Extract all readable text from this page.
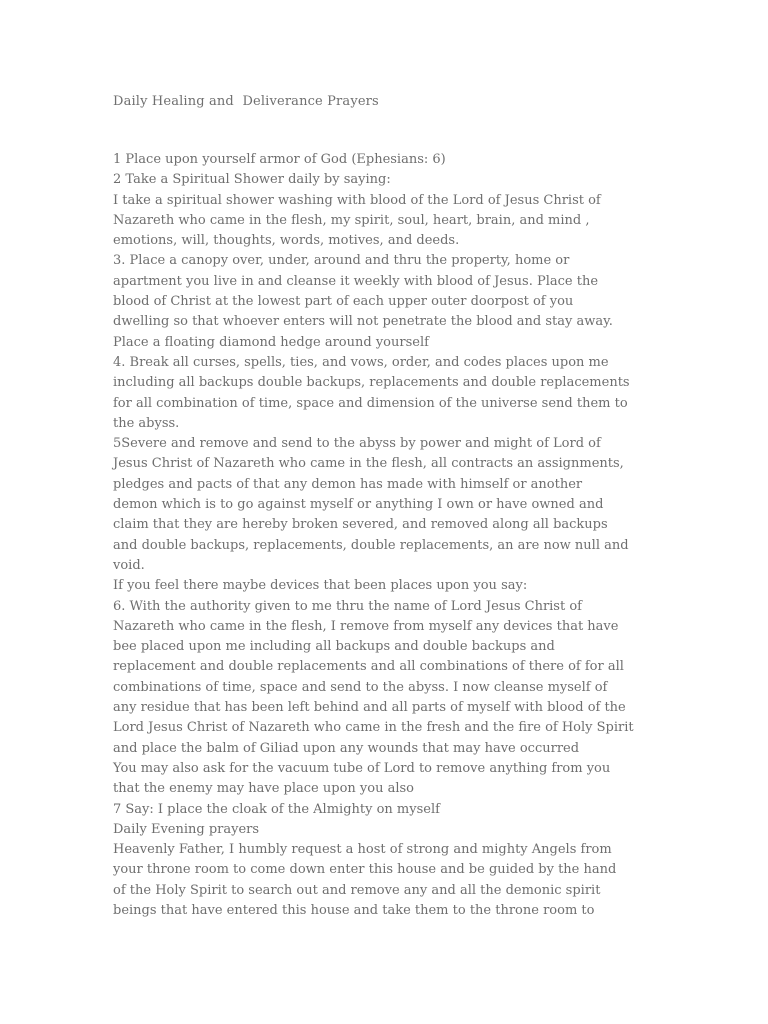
Daily Healing and  Deliverance Prayers
1 Place upon yourself armor of God (Ephesians: 6)
2 Take a Spiritual Shower daily by saying:
I take a spiritual shower washing with blood of the Lord of Jesus Christ of
Nazareth who came in the flesh, my spirit, soul, heart, brain, and mind ,
emotions, will, thoughts, words, motives, and deeds.
3. Place a canopy over, under, around and thru the property, home or
apartment you live in and cleanse it weekly with blood of Jesus. Place the
blood of Christ at the lowest part of each upper outer doorpost of you
dwelling so that whoever enters will not penetrate the blood and stay away.
Place a floating diamond hedge around yourself
4. Break all curses, spells, ties, and vows, order, and codes places upon me
including all backups double backups, replacements and double replacements
for all combination of time, space and dimension of the universe send them to
the abyss.
5Severe and remove and send to the abyss by power and might of Lord of
Jesus Christ of Nazareth who came in the flesh, all contracts an assignments,
pledges and pacts of that any demon has made with himself or another
demon which is to go against myself or anything I own or have owned and
claim that they are hereby broken severed, and removed along all backups
and double backups, replacements, double replacements, an are now null and
void.
If you feel there maybe devices that been places upon you say:
6. With the authority given to me thru the name of Lord Jesus Christ of
Nazareth who came in the flesh, I remove from myself any devices that have
bee placed upon me including all backups and double backups and
replacement and double replacements and all combinations of there of for all
combinations of time, space and send to the abyss. I now cleanse myself of
any residue that has been left behind and all parts of myself with blood of the
Lord Jesus Christ of Nazareth who came in the fresh and the fire of Holy Spirit
and place the balm of Giliad upon any wounds that may have occurred
You may also ask for the vacuum tube of Lord to remove anything from you
that the enemy may have place upon you also
7 Say: I place the cloak of the Almighty on myself
Daily Evening prayers
Heavenly Father, I humbly request a host of strong and mighty Angels from
your throne room to come down enter this house and be guided by the hand
of the Holy Spirit to search out and remove any and all the demonic spirit
beings that have entered this house and take them to the throne room to
